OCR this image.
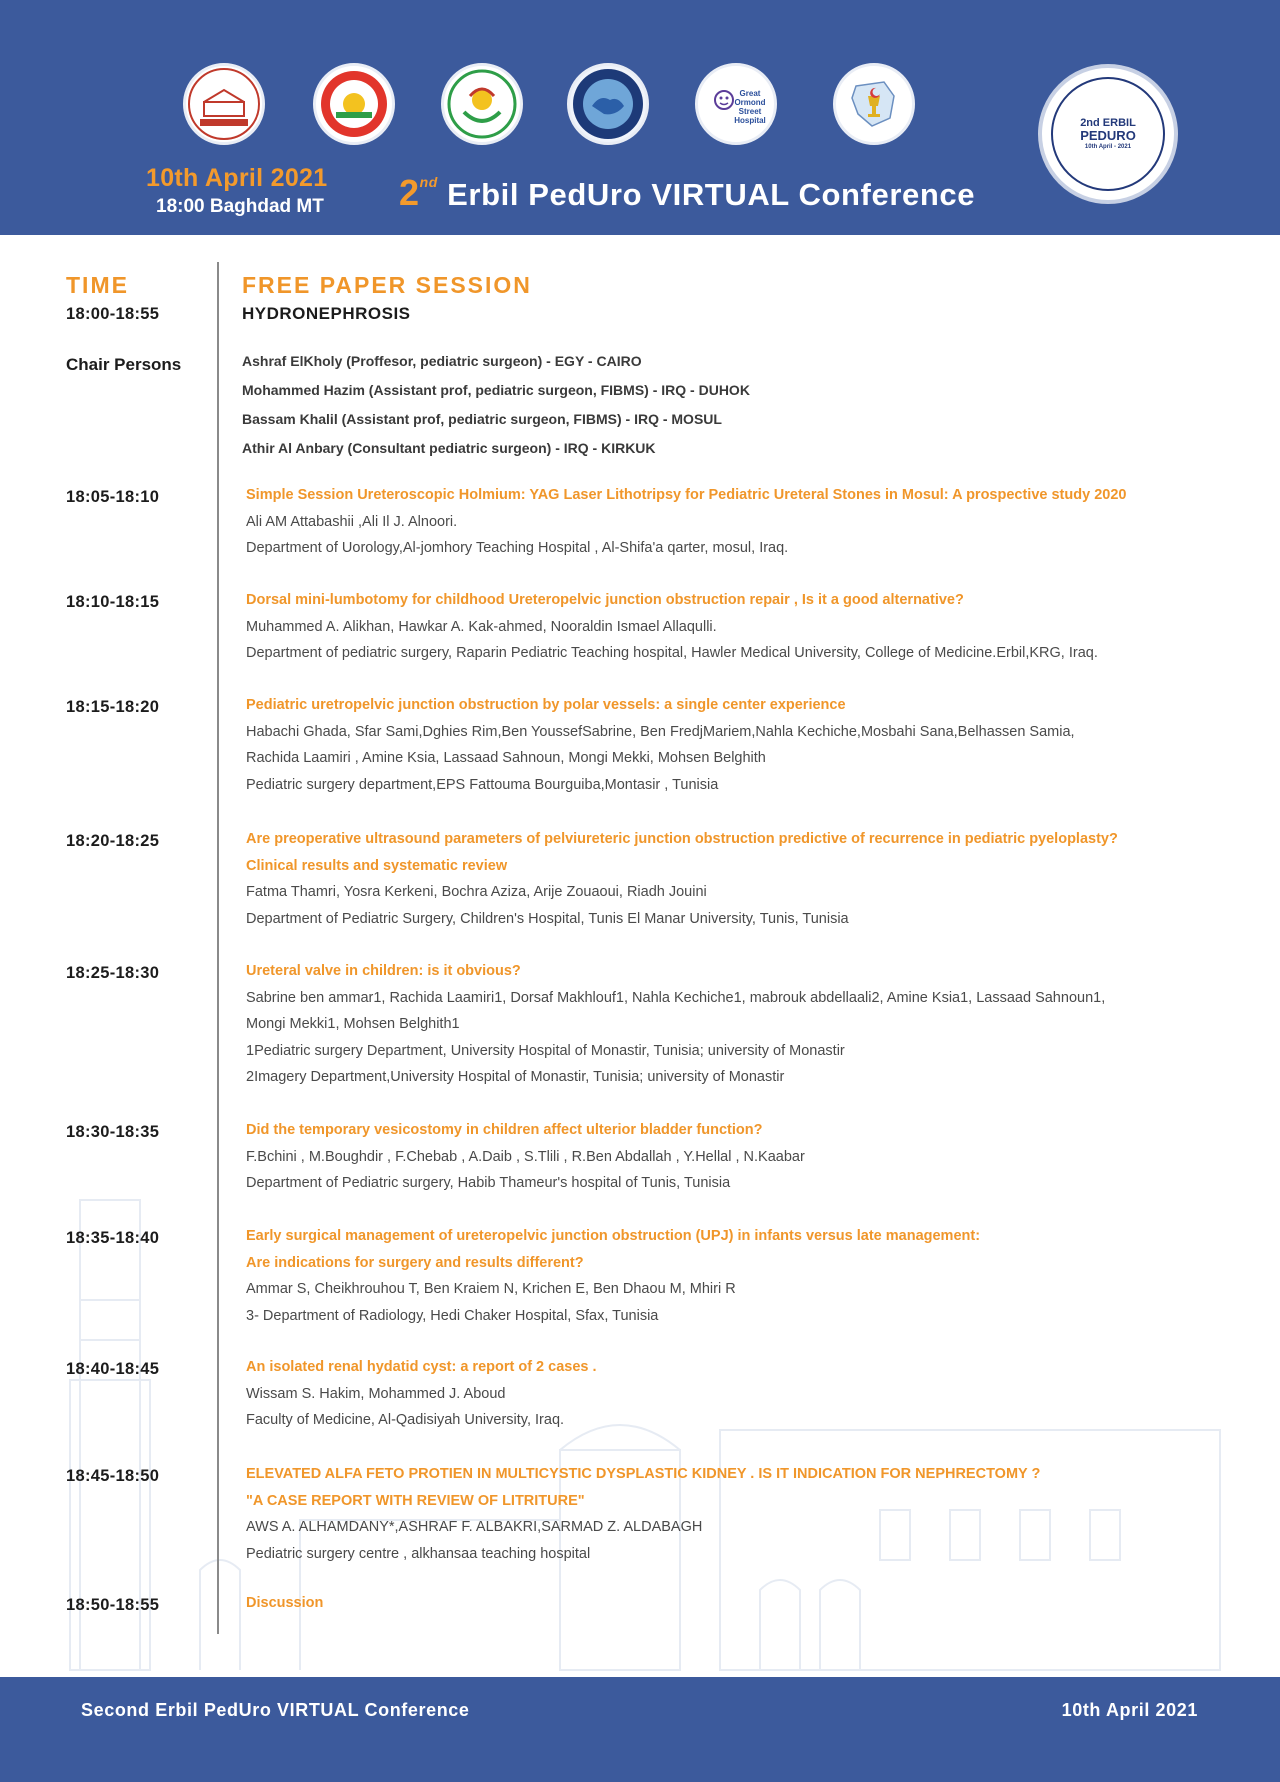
Great
Ormond
Street
Hospital	2nd ERBIL
PEDURO
10th April - 2021
10th April 2021
18:00 Baghdad MT 2nd Erbil PedUro VIRTUAL Conference
TIME	FREE PAPER SESSION
18:00-18:55	HYDRONEPHROSIS
Chair Persons	Ashraf ElKholy (Proffesor, pediatric surgeon) - EGY - CAIRO
Mohammed Hazim (Assistant prof, pediatric surgeon, FIBMS) - IRQ - DUHOK
Bassam Khalil (Assistant prof, pediatric surgeon, FIBMS) - IRQ - MOSUL
Athir Al Anbary (Consultant pediatric surgeon) - IRQ - KIRKUK
18:05-18:10	Simple Session Ureteroscopic Holmium: YAG Laser Lithotripsy for Pediatric Ureteral Stones in Mosul: A prospective study 2020
Ali AM Attabashii ,Ali Il J. Alnoori.
Department of Uorology,Al-jomhory Teaching Hospital , Al-Shifa'a qarter, mosul, Iraq.
18:10-18:15	Dorsal mini-lumbotomy for childhood Ureteropelvic junction obstruction repair , Is it a good alternative?
Muhammed A. Alikhan, Hawkar A. Kak-ahmed, Nooraldin Ismael Allaqulli.
Department of pediatric surgery, Raparin Pediatric Teaching hospital, Hawler Medical University, College of Medicine.Erbil,KRG, Iraq.
18:15-18:20	Pediatric uretropelvic junction obstruction by polar vessels: a single center experience
Habachi Ghada, Sfar Sami,Dghies Rim,Ben YoussefSabrine, Ben FredjMariem,Nahla Kechiche,Mosbahi Sana,Belhassen Samia,
Rachida Laamiri , Amine Ksia, Lassaad Sahnoun, Mongi Mekki, Mohsen Belghith
Pediatric surgery department,EPS Fattouma Bourguiba,Montasir , Tunisia
18:20-18:25	Are preoperative ultrasound parameters of pelviureteric junction obstruction predictive of recurrence in pediatric pyeloplasty?
Clinical results and systematic review
Fatma Thamri, Yosra Kerkeni, Bochra Aziza, Arije Zouaoui, Riadh Jouini
Department of Pediatric Surgery, Children's Hospital, Tunis El Manar University, Tunis, Tunisia
18:25-18:30	Ureteral valve in children: is it obvious?
Sabrine ben ammar1, Rachida Laamiri1, Dorsaf Makhlouf1, Nahla Kechiche1, mabrouk abdellaali2, Amine Ksia1, Lassaad Sahnoun1,
Mongi Mekki1, Mohsen Belghith1
1Pediatric surgery Department, University Hospital of Monastir, Tunisia; university of Monastir
2Imagery Department,University Hospital of Monastir, Tunisia; university of Monastir
18:30-18:35	Did the temporary vesicostomy in children affect ulterior bladder function?
F.Bchini , M.Boughdir , F.Chebab , A.Daib , S.Tlili , R.Ben Abdallah , Y.Hellal , N.Kaabar
Department of Pediatric surgery, Habib Thameur's hospital of Tunis, Tunisia
18:35-18:40	Early surgical management of ureteropelvic junction obstruction (UPJ) in infants versus late management:
Are indications for surgery and results different?
Ammar S, Cheikhrouhou T, Ben Kraiem N, Krichen E, Ben Dhaou M, Mhiri R
3- Department of Radiology, Hedi Chaker Hospital, Sfax, Tunisia
18:40-18:45	An isolated renal hydatid cyst: a report of 2 cases .
Wissam S. Hakim, Mohammed J. Aboud
Faculty of Medicine, Al-Qadisiyah University, Iraq.
18:45-18:50	ELEVATED ALFA FETO PROTIEN IN MULTICYSTIC DYSPLASTIC KIDNEY . IS IT INDICATION FOR NEPHRECTOMY ?
"A CASE REPORT WITH REVIEW OF LITRITURE"
AWS A. ALHAMDANY*,ASHRAF F. ALBAKRI,SARMAD Z. ALDABAGH
Pediatric surgery centre , alkhansaa teaching hospital
18:50-18:55	Discussion
Second Erbil PedUro VIRTUAL Conference	10th April 2021
